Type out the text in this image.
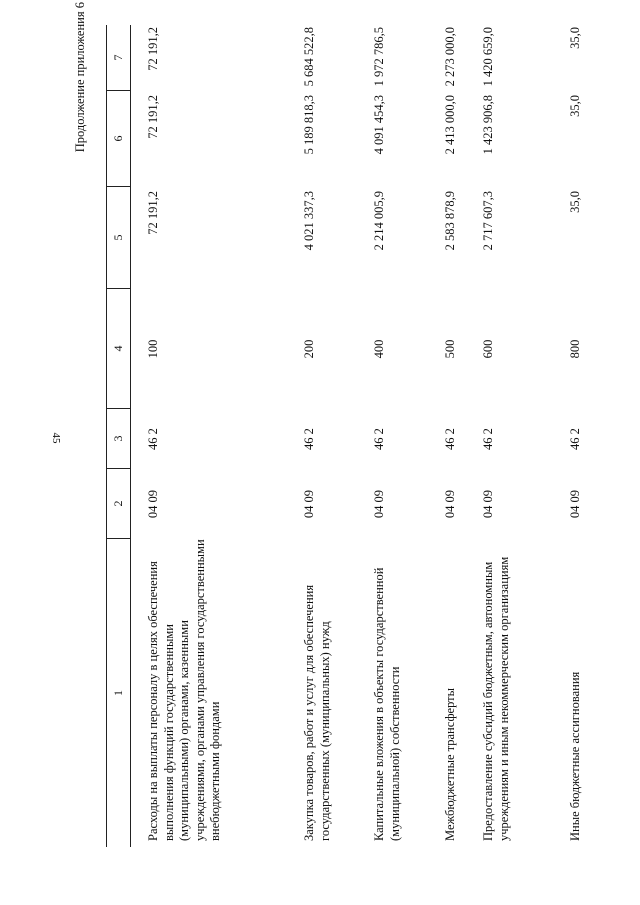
45
Продолжение приложения 6
1
2
3
4
5
6
7
Расходы на выплаты персоналу в целях обеспечения выполнения функций государственными (муниципальными) органами, казенными учреждениями, органами управления государственными внебюджетными фондами
04 09
46 2
100
72 191,2
72 191,2
72 191,2
Закупка товаров, работ и услуг для обеспечения государственных (муниципальных) нужд
04 09
46 2
200
4 021 337,3
5 189 818,3
5 684 522,8
Капитальные вложения в объекты государственной (муниципальной) собственности
04 09
46 2
400
2 214 005,9
4 091 454,3
1 972 786,5
Межбюджетные трансферты
04 09
46 2
500
2 583 878,9
2 413 000,0
2 273 000,0
Предоставление субсидий бюджетным, автономным учреждениям и иным некоммерческим организациям
04 09
46 2
600
2 717 607,3
1 423 906,8
1 420 659,0
Иные бюджетные ассигнования
04 09
46 2
800
35,0
35,0
35,0
